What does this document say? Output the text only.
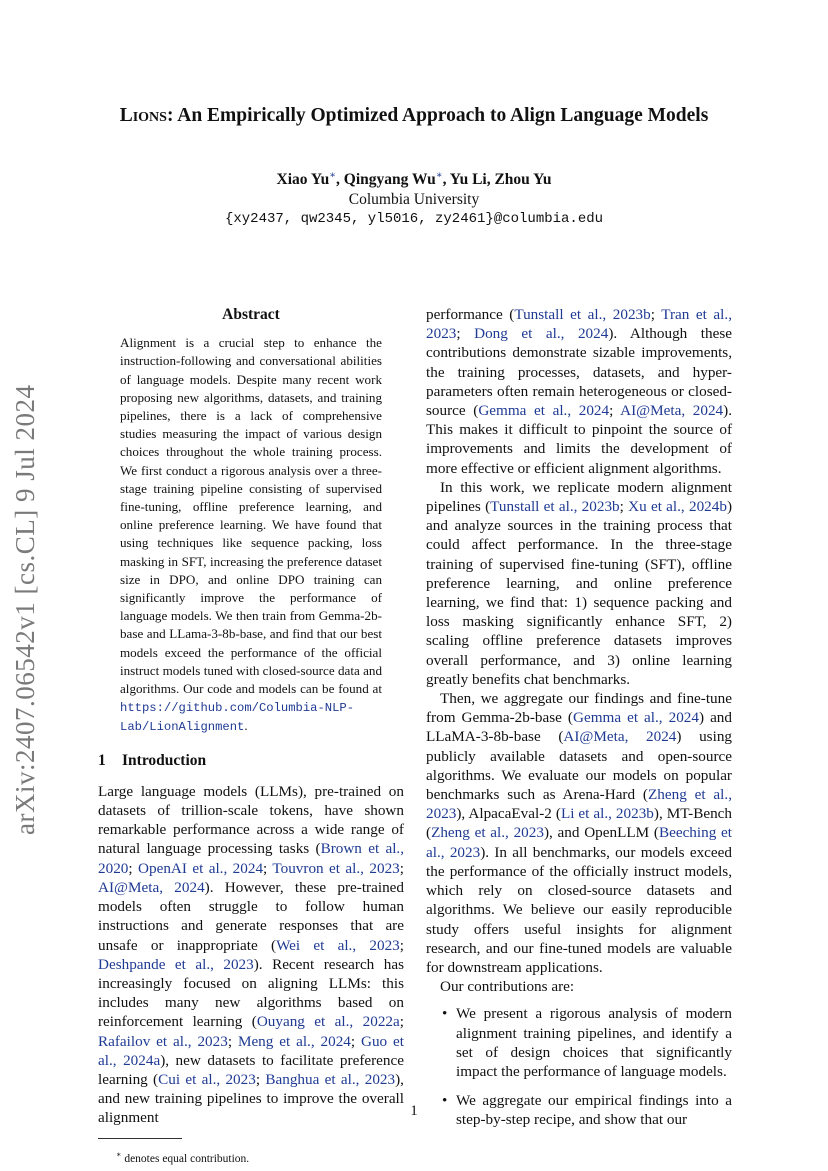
arXiv:2407.06542v1 [cs.CL] 9 Jul 2024
Lions: An Empirically Optimized Approach to Align Language Models
Xiao Yu∗, Qingyang Wu∗, Yu Li, Zhou Yu
Columbia University
{xy2437, qw2345, yl5016, zy2461}@columbia.edu
Abstract
Alignment is a crucial step to enhance the instruction-following and conversational abilities of language models. Despite many recent work proposing new algorithms, datasets, and training pipelines, there is a lack of comprehensive studies measuring the impact of various design choices throughout the whole training process. We first conduct a rigorous analysis over a three-stage training pipeline consisting of supervised fine-tuning, offline preference learning, and online preference learning. We have found that using techniques like sequence packing, loss masking in SFT, increasing the preference dataset size in DPO, and online DPO training can significantly improve the performance of language models. We then train from Gemma-2b-base and LLama-3-8b-base, and find that our best models exceed the performance of the official instruct models tuned with closed-source data and algorithms. Our code and models can be found at https://github.com/Columbia-NLP-Lab/LionAlignment.
1 Introduction

Large language models (LLMs), pre-trained on datasets of trillion-scale tokens, have shown remarkable performance across a wide range of natural language processing tasks (Brown et al., 2020; OpenAI et al., 2024; Touvron et al., 2023; AI@Meta, 2024). However, these pre-trained models often struggle to follow human instructions and generate responses that are unsafe or inappropriate (Wei et al., 2023; Deshpande et al., 2023). Recent research has increasingly focused on aligning LLMs: this includes many new algorithms based on reinforcement learning (Ouyang et al., 2022a; Rafailov et al., 2023; Meng et al., 2024; Guo et al., 2024a), new datasets to facilitate preference learning (Cui et al., 2023; Banghua et al., 2023), and new training pipelines to improve the overall alignment

∗ denotes equal contribution.

performance (Tunstall et al., 2023b; Tran et al., 2023; Dong et al., 2024). Although these contributions demonstrate sizable improvements, the training processes, datasets, and hyper-parameters often remain heterogeneous or closed-source (Gemma et al., 2024; AI@Meta, 2024). This makes it difficult to pinpoint the source of improvements and limits the development of more effective or efficient alignment algorithms.

In this work, we replicate modern alignment pipelines (Tunstall et al., 2023b; Xu et al., 2024b) and analyze sources in the training process that could affect performance. In the three-stage training of supervised fine-tuning (SFT), offline preference learning, and online preference learning, we find that: 1) sequence packing and loss masking significantly enhance SFT, 2) scaling offline preference datasets improves overall performance, and 3) online learning greatly benefits chat benchmarks.

Then, we aggregate our findings and fine-tune from Gemma-2b-base (Gemma et al., 2024) and LLaMA-3-8b-base (AI@Meta, 2024) using publicly available datasets and open-source algorithms. We evaluate our models on popular benchmarks such as Arena-Hard (Zheng et al., 2023), AlpacaEval-2 (Li et al., 2023b), MT-Bench (Zheng et al., 2023), and OpenLLM (Beeching et al., 2023). In all benchmarks, our models exceed the performance of the officially instruct models, which rely on closed-source datasets and algorithms. We believe our easily reproducible study offers useful insights for alignment research, and our fine-tuned models are valuable for downstream applications.

Our contributions are:

• We present a rigorous analysis of modern alignment training pipelines, and identify a set of design choices that significantly impact the performance of language models.
• We aggregate our empirical findings into a step-by-step recipe, and show that our
1
